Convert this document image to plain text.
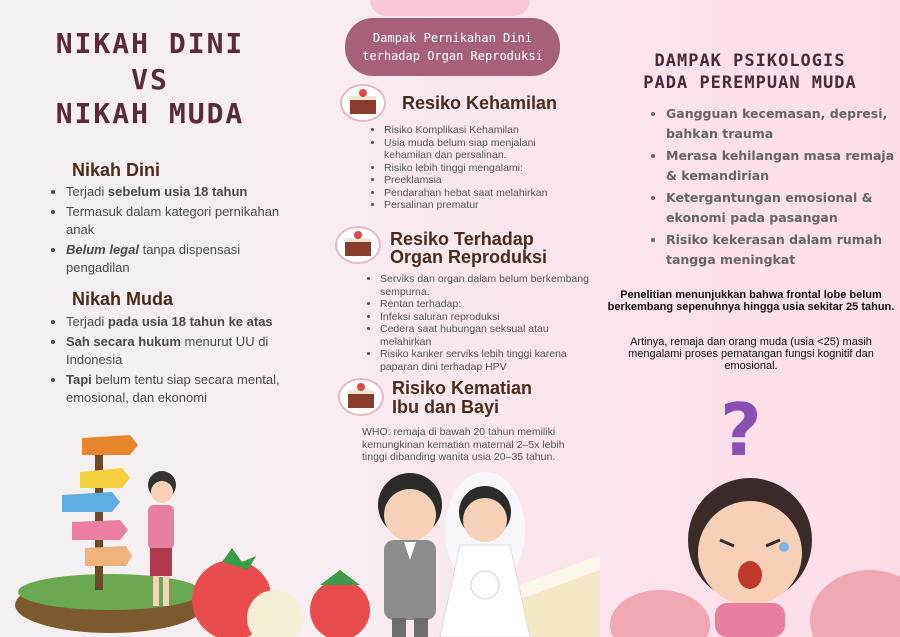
NIKAH DINI
VS
NIKAH MUDA
Nikah Dini
• Terjadi sebelum usia 18 tahun
• Termasuk dalam kategori pernikahan anak
• Belum legal tanpa dispensasi pengadilan
Nikah Muda
• Terjadi pada usia 18 tahun ke atas
• Sah secara hukum menurut UU di Indonesia
• Tapi belum tentu siap secara mental, emosional, dan ekonomi
Dampak Pernikahan Dini
terhadap Organ Reproduksi
Resiko Kehamilan
• Risiko Komplikasi Kehamilan
• Usia muda belum siap menjalani kehamilan dan persalinan.
• Risiko lebih tinggi mengalami:
• Preeklamsia
• Pendarahan hebat saat melahirkan
• Persalinan prematur
Resiko Terhadap
Organ Reproduksi
• Serviks dan organ dalam belum berkembang sempurna.
• Rentan terhadap:
• Infeksi saluran reproduksi
• Cedera saat hubungan seksual atau melahirkan
• Risiko kanker serviks lebih tinggi karena paparan dini terhadap HPV
Risiko Kematian
Ibu dan Bayi

WHO: remaja di bawah 20 tahun memiliki kemungkinan kematian maternal 2–5x lebih tinggi dibanding wanita usia 20–35 tahun.

DAMPAK PSIKOLOGIS
PADA PEREMPUAN MUDA
• Gangguan kecemasan, depresi, bahkan trauma
• Merasa kehilangan masa remaja & kemandirian
• Ketergantungan emosional & ekonomi pada pasangan
• Risiko kekerasan dalam rumah tangga meningkat

Penelitian menunjukkan bahwa frontal lobe belum berkembang sepenuhnya hingga usia sekitar 25 tahun.

Artinya, remaja dan orang muda (usia <25) masih mengalami proses pematangan fungsi kognitif dan emosional.

?
